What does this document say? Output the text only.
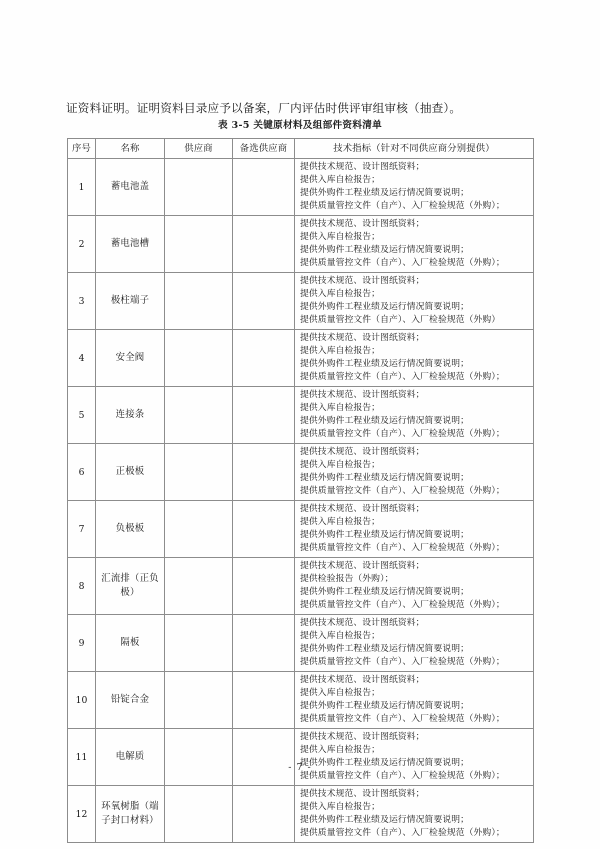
证资料证明。证明资料目录应予以备案，厂内评估时供评审组审核（抽查）。

表 3-5 关键原材料及组部件资料清单
序号	名称	供应商	备选供应商	技术指标（针对不同供应商分别提供）
1	蓄电池盖			提供技术规范、设计图纸资料；
提供入库自检报告；
提供外购件工程业绩及运行情况简要说明；
提供质量管控文件（自产）、入厂检验规范（外购）；

2	蓄电池槽			提供技术规范、设计图纸资料；
提供入库自检报告；
提供外购件工程业绩及运行情况简要说明；
提供质量管控文件（自产）、入厂检验规范（外购）；

3	极柱端子			提供技术规范、设计图纸资料；
提供入库自检报告；
提供外购件工程业绩及运行情况简要说明；
提供质量管控文件（自产）、入厂检验规范（外购）

4	安全阀			提供技术规范、设计图纸资料；
提供入库自检报告；
提供外购件工程业绩及运行情况简要说明；
提供质量管控文件（自产）、入厂检验规范（外购）；

5	连接条			提供技术规范、设计图纸资料；
提供入库自检报告；
提供外购件工程业绩及运行情况简要说明；
提供质量管控文件（自产）、入厂检验规范（外购）；

6	正极板			提供技术规范、设计图纸资料；
提供入库自检报告；
提供外购件工程业绩及运行情况简要说明；
提供质量管控文件（自产）、入厂检验规范（外购）；

7	负极板			提供技术规范、设计图纸资料；
提供入库自检报告；
提供外购件工程业绩及运行情况简要说明；
提供质量管控文件（自产）、入厂检验规范（外购）；

8	汇流排（正负极）			提供技术规范、设计图纸资料；
提供检验报告（外购）；
提供外购件工程业绩及运行情况简要说明；
提供质量管控文件（自产）、入厂检验规范（外购）；

9	隔板			提供技术规范、设计图纸资料；
提供入库自检报告；
提供外购件工程业绩及运行情况简要说明；
提供质量管控文件（自产）、入厂检验规范（外购）；

10	铅锭合金			提供技术规范、设计图纸资料；
提供入库自检报告；
提供外购件工程业绩及运行情况简要说明；
提供质量管控文件（自产）、入厂检验规范（外购）；

11	电解质			提供技术规范、设计图纸资料；
提供入库自检报告；
提供外购件工程业绩及运行情况简要说明；
提供质量管控文件（自产）、入厂检验规范（外购）；

12	环氧树脂（端子封口材料）			提供技术规范、设计图纸资料；
提供入库自检报告；
提供外购件工程业绩及运行情况简要说明；
提供质量管控文件（自产）、入厂检验规范（外购）；
- 7 -
